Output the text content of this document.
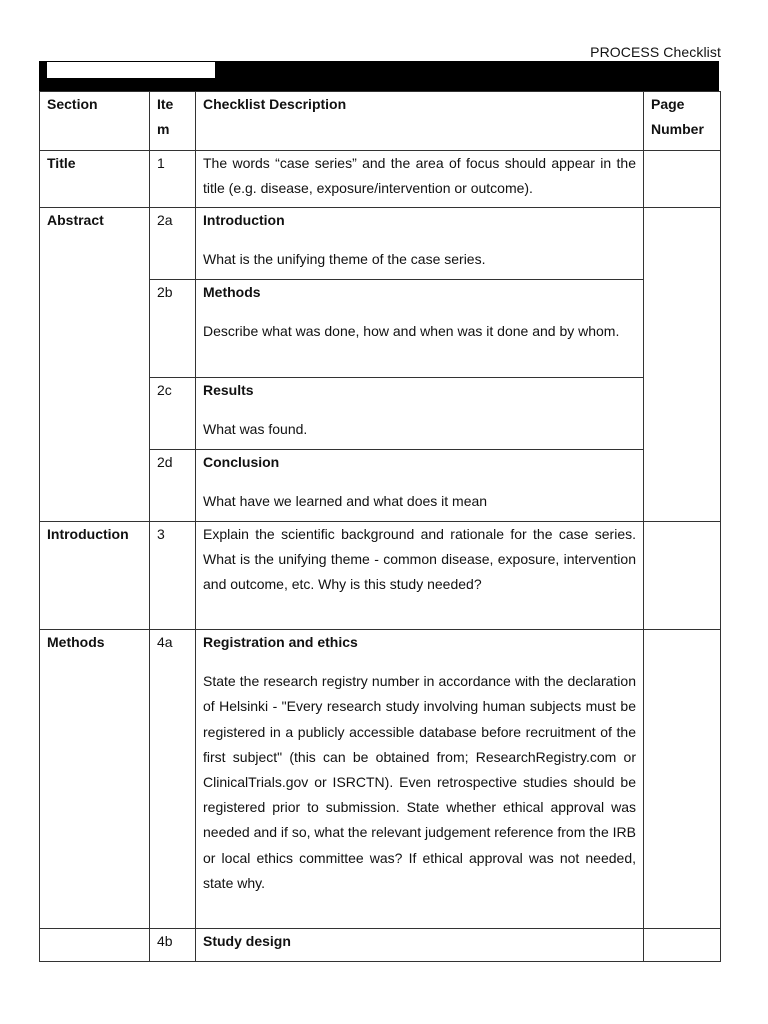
PROCESS Checklist
Section	Ite m	Checklist Description	Page Number
Title	1	The words “case series” and the area of focus should appear in the title (e.g. disease, exposure/intervention or outcome).	
Abstract	2a	Introduction
What is the unifying theme of the case series.	
	2b	Methods
Describe what was done, how and when was it done and by whom.	
	2c	Results
What was found.	
	2d	Conclusion
What have we learned and what does it mean	
Introduction	3	Explain the scientific background and rationale for the case series. What is the unifying theme - common disease, exposure, intervention and outcome, etc. Why is this study needed?	
Methods	4a	Registration and ethics
State the research registry number in accordance with the declaration of Helsinki - "Every research study involving human subjects must be registered in a publicly accessible database before recruitment of the first subject" (this can be obtained from; ResearchRegistry.com or ClinicalTrials.gov or ISRCTN). Even retrospective studies should be registered prior to submission. State whether ethical approval was needed and if so, what the relevant judgement reference from the IRB or local ethics committee was? If ethical approval was not needed, state why.	
	4b	Study design	
